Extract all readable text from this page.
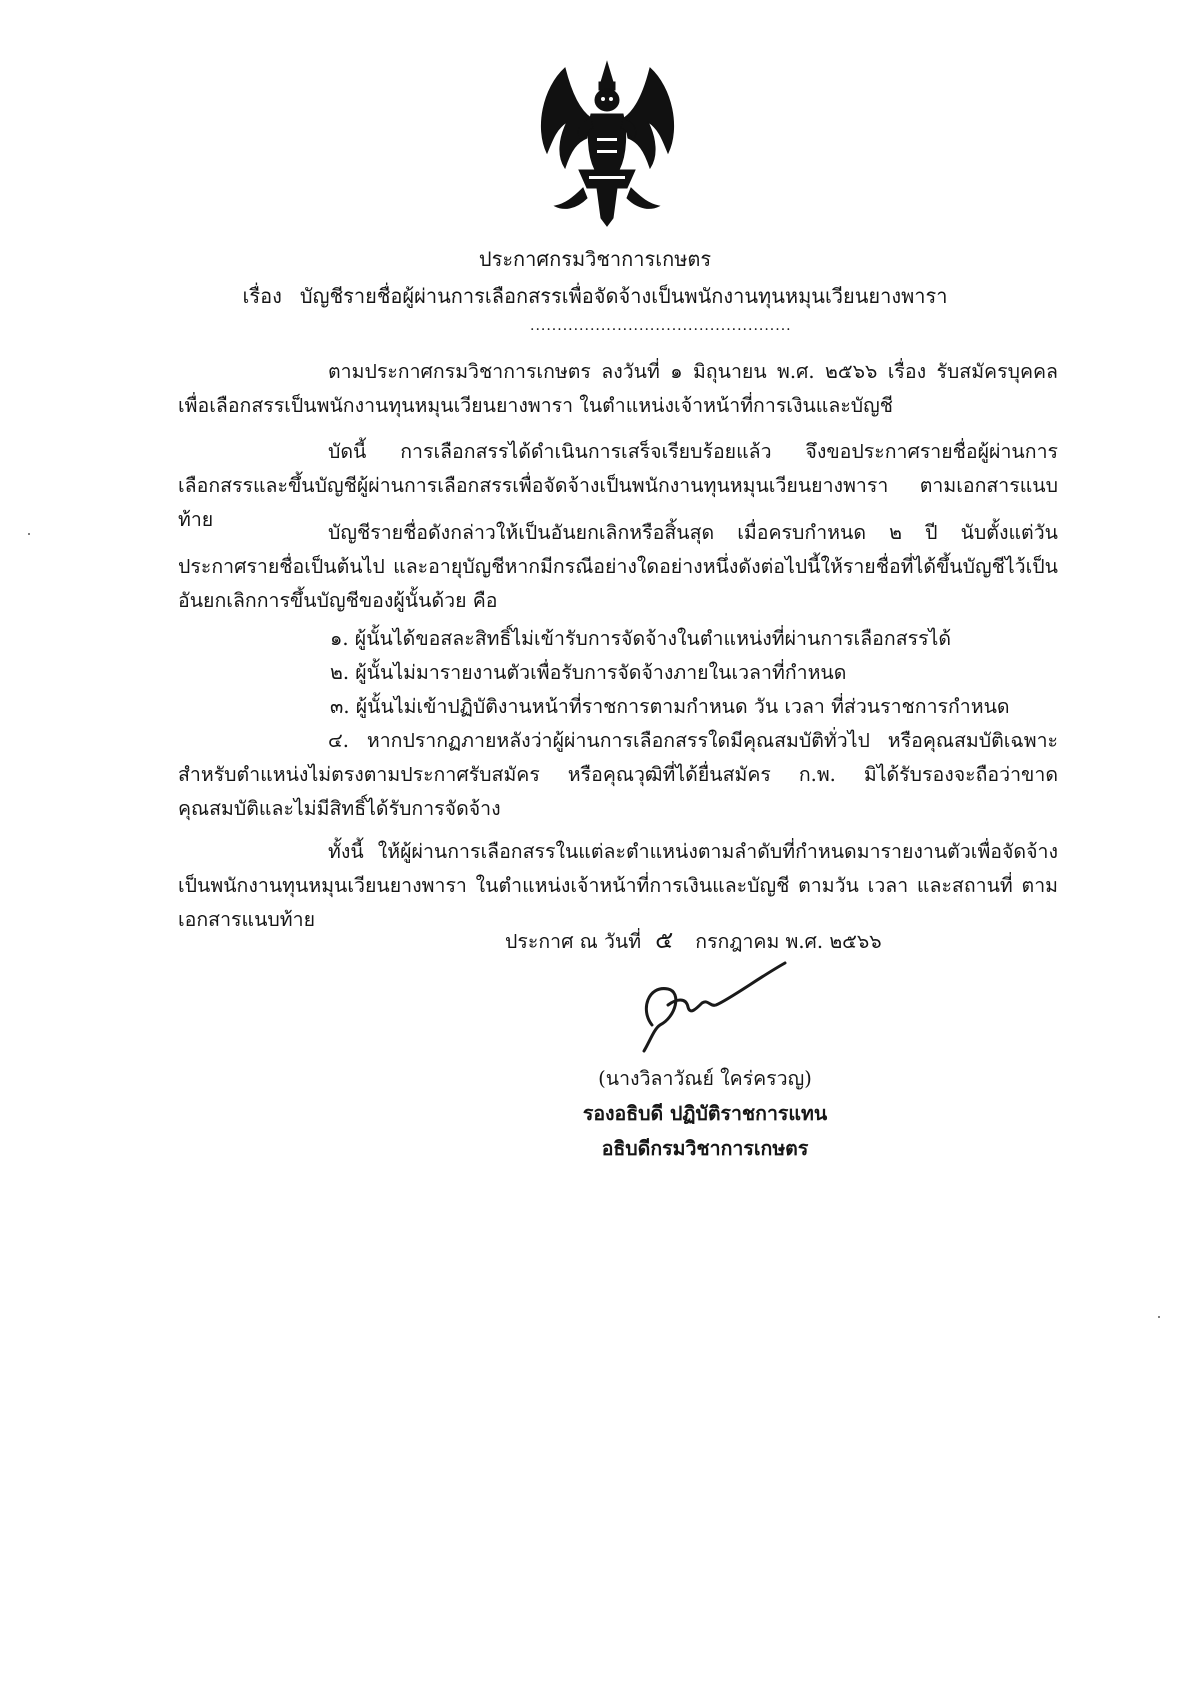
ประกาศกรมวิชาการเกษตร
เรื่อง บัญชีรายชื่อผู้ผ่านการเลือกสรรเพื่อจัดจ้างเป็นพนักงานทุนหมุนเวียนยางพารา
................................................
ตามประกาศกรมวิชาการเกษตร ลงวันที่ ๑ มิถุนายน พ.ศ. ๒๕๖๖ เรื่อง รับสมัครบุคคลเพื่อเลือกสรรเป็นพนักงานทุนหมุนเวียนยางพารา ในตำแหน่งเจ้าหน้าที่การเงินและบัญชี
บัดนี้ การเลือกสรรได้ดำเนินการเสร็จเรียบร้อยแล้ว จึงขอประกาศรายชื่อผู้ผ่านการเลือกสรรและขึ้นบัญชีผู้ผ่านการเลือกสรรเพื่อจัดจ้างเป็นพนักงานทุนหมุนเวียนยางพารา ตามเอกสารแนบท้าย
บัญชีรายชื่อดังกล่าวให้เป็นอันยกเลิกหรือสิ้นสุด เมื่อครบกำหนด ๒ ปี นับตั้งแต่วันประกาศรายชื่อเป็นต้นไป และอายุบัญชีหากมีกรณีอย่างใดอย่างหนึ่งดังต่อไปนี้ให้รายชื่อที่ได้ขึ้นบัญชีไว้เป็นอันยกเลิกการขึ้นบัญชีของผู้นั้นด้วย คือ
๑. ผู้นั้นได้ขอสละสิทธิ์ไม่เข้ารับการจัดจ้างในตำแหน่งที่ผ่านการเลือกสรรได้
๒. ผู้นั้นไม่มารายงานตัวเพื่อรับการจัดจ้างภายในเวลาที่กำหนด
๓. ผู้นั้นไม่เข้าปฏิบัติงานหน้าที่ราชการตามกำหนด วัน เวลา ที่ส่วนราชการกำหนด
๔. หากปรากฏภายหลังว่าผู้ผ่านการเลือกสรรใดมีคุณสมบัติทั่วไป หรือคุณสมบัติเฉพาะสำหรับตำแหน่งไม่ตรงตามประกาศรับสมัคร หรือคุณวุฒิที่ได้ยื่นสมัคร ก.พ. มิได้รับรองจะถือว่าขาดคุณสมบัติและไม่มีสิทธิ์ได้รับการจัดจ้าง
ทั้งนี้ ให้ผู้ผ่านการเลือกสรรในแต่ละตำแหน่งตามลำดับที่กำหนดมารายงานตัวเพื่อจัดจ้างเป็นพนักงานทุนหมุนเวียนยางพารา ในตำแหน่งเจ้าหน้าที่การเงินและบัญชี ตามวัน เวลา และสถานที่ ตามเอกสารแนบท้าย
ประกาศ ณ วันที่ ๕ กรกฎาคม พ.ศ. ๒๕๖๖
(นางวิลาวัณย์ ใคร่ครวญ)
รองอธิบดี ปฏิบัติราชการแทน
อธิบดีกรมวิชาการเกษตร
